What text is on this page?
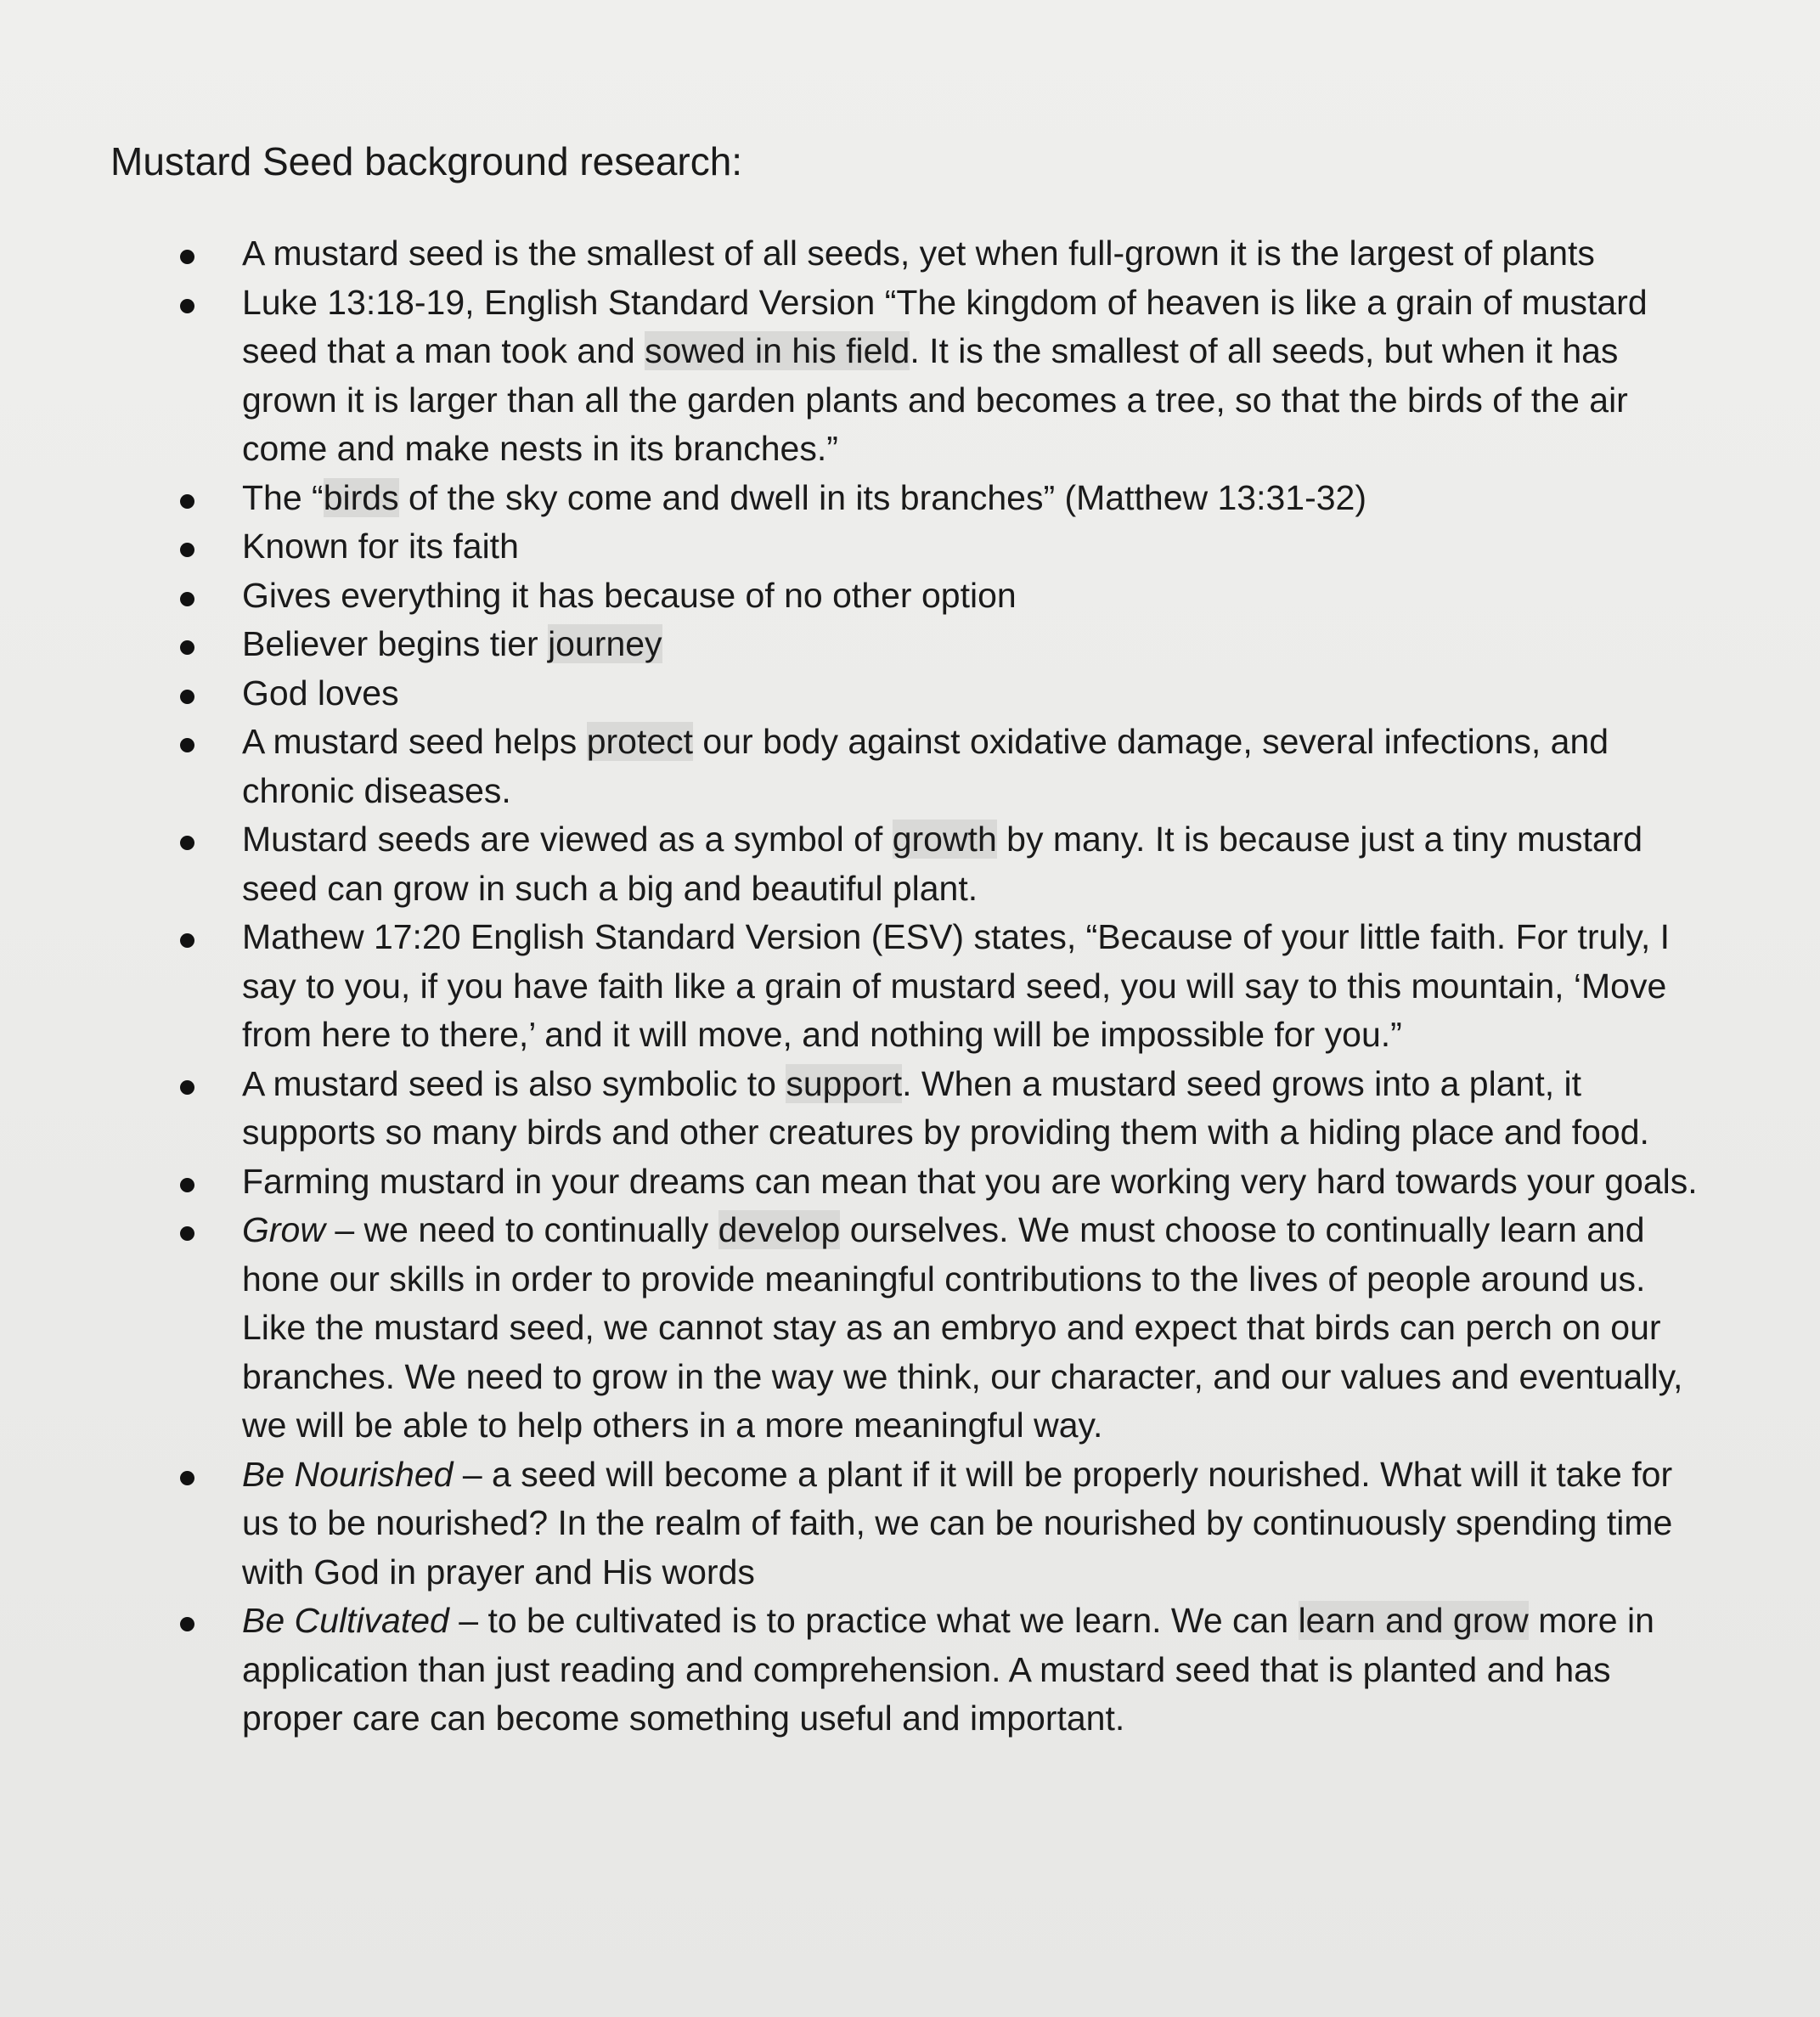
Mustard Seed background research:
A mustard seed is the smallest of all seeds, yet when full-grown it is the largest of plants
Luke 13:18-19, English Standard Version “The kingdom of heaven is like a grain of mustard seed that a man took and sowed in his field. It is the smallest of all seeds, but when it has grown it is larger than all the garden plants and becomes a tree, so that the birds of the air come and make nests in its branches.”
The “birds of the sky come and dwell in its branches” (Matthew 13:31-32)
Known for its faith
Gives everything it has because of no other option
Believer begins tier journey
God loves
A mustard seed helps protect our body against oxidative damage, several infections, and chronic diseases.
Mustard seeds are viewed as a symbol of growth by many. It is because just a tiny mustard seed can grow in such a big and beautiful plant.
Mathew 17:20 English Standard Version (ESV) states, “Because of your little faith. For truly, I say to you, if you have faith like a grain of mustard seed, you will say to this mountain, ‘Move from here to there,’ and it will move, and nothing will be impossible for you.”
A mustard seed is also symbolic to support. When a mustard seed grows into a plant, it supports so many birds and other creatures by providing them with a hiding place and food.
Farming mustard in your dreams can mean that you are working very hard towards your goals.
Grow – we need to continually develop ourselves. We must choose to continually learn and hone our skills in order to provide meaningful contributions to the lives of people around us. Like the mustard seed, we cannot stay as an embryo and expect that birds can perch on our branches. We need to grow in the way we think, our character, and our values and eventually, we will be able to help others in a more meaningful way.
Be Nourished – a seed will become a plant if it will be properly nourished. What will it take for us to be nourished? In the realm of faith, we can be nourished by continuously spending time with God in prayer and His words
Be Cultivated – to be cultivated is to practice what we learn. We can learn and grow more in application than just reading and comprehension. A mustard seed that is planted and has proper care can become something useful and important.
